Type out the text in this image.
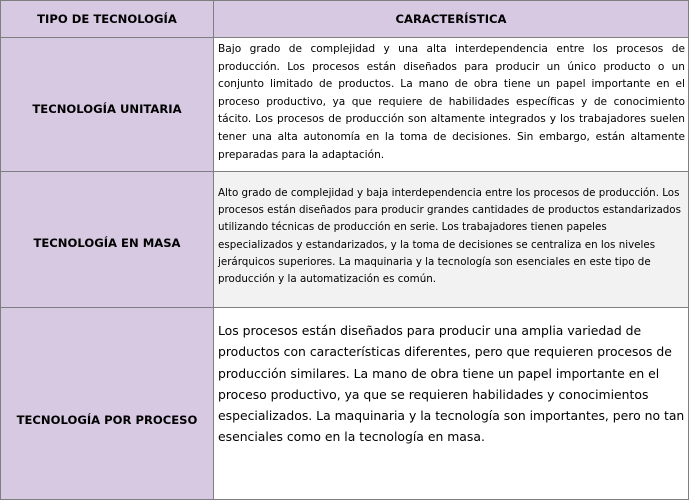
TIPO DE TECNOLOGÍA	CARACTERÍSTICA
TECNOLOGÍA UNITARIA	Bajo grado de complejidad y una alta interdependencia entre los procesos de producción. Los procesos están diseñados para producir un único producto o un conjunto limitado de productos. La mano de obra tiene un papel importante en el proceso productivo, ya que requiere de habilidades específicas y de conocimiento tácito. Los procesos de producción son altamente integrados y los trabajadores suelen tener una alta autonomía en la toma de decisiones. Sin embargo, están altamente preparadas para la adaptación.
TECNOLOGÍA EN MASA	Alto grado de complejidad y baja interdependencia entre los procesos de producción. Los procesos están diseñados para producir grandes cantidades de productos estandarizados utilizando técnicas de producción en serie. Los trabajadores tienen papeles especializados y estandarizados, y la toma de decisiones se centraliza en los niveles jerárquicos superiores. La maquinaria y la tecnología son esenciales en este tipo de producción y la automatización es común.
TECNOLOGÍA POR PROCESO	Los procesos están diseñados para producir una amplia variedad de productos con características diferentes, pero que requieren procesos de producción similares. La mano de obra tiene un papel importante en el proceso productivo, ya que se requieren habilidades y conocimientos especializados. La maquinaria y la tecnología son importantes, pero no tan esenciales como en la tecnología en masa.
